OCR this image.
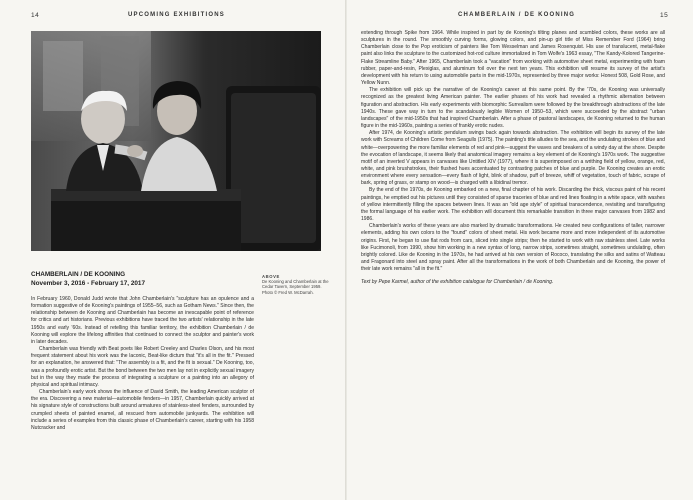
14	UPCOMING EXHIBITIONS
CHAMBERLAIN / DE KOONING
November 3, 2016 - February 17, 2017
ABOVE
De Kooning and Chamberlain at the Cedar Tavern, September 1959. Photo © Fred W. McDarrah.

In February 1960, Donald Judd wrote that John Chamberlain's "sculpture has an opulence and a formation suggestive of de Kooning's paintings of 1955–56, such as Gotham News." Since then, the relationship between de Kooning and Chamberlain has become an inescapable point of reference for critics and art historians. Previous exhibitions have traced the two artists' relationship in the late 1950s and early '60s. Instead of retelling this familiar territory, the exhibition Chamberlain / de Kooning will explore the lifelong affinities that continued to connect the sculptor and painter's work in later decades.

Chamberlain was friendly with Beat poets like Robert Creeley and Charles Olson, and his most frequent statement about his work was the laconic, Beat-like dictum that "it's all in the fit." Pressed for an explanation, he answered that: "The assembly is a fit, and the fit is sexual." De Kooning, too, was a profoundly erotic artist. But the bond between the two men lay not in explicitly sexual imagery but in the way they made the process of integrating a sculpture or a painting into an allegory of physical and spiritual intimacy.

Chamberlain's early work shows the influence of David Smith, the leading American sculptor of the era. Discovering a new material—automobile fenders—in 1957, Chamberlain quickly arrived at his signature style of constructions built around armatures of stainless-steel fenders, surrounded by crumpled sheets of painted enamel, all rescued from automobile junkyards. The exhibition will include a series of examples from this classic phase of Chamberlain's career, starting with his 1958 Nutcracker and

CHAMBERLAIN / DE KOONING	15

extending through Spike from 1964. While inspired in part by de Kooning's tilting planes and scumbled colors, these works are all sculptures in the round. The smoothly curving forms, glowing colors, and pin-up girl title of Miss Remember Ford (1964) bring Chamberlain close to the Pop eroticism of painters like Tom Wesselman and James Rosenquist. His use of translucent, metal-flake paint also links the sculpture to the customized hot-rod culture immortalized in Tom Wolfe's 1963 essay, "The Kandy-Kolored Tangerine-Flake Streamline Baby." After 1965, Chamberlain took a "vacation" from working with automotive sheet metal, experimenting with foam rubber, paper-and-resin, Plexiglas, and aluminum foil over the next ten years. This exhibition will resume its survey of the artist's development with his return to using automobile parts in the mid-1970s, represented by three major works: Honest 508, Gold Rose, and Yellow Nunn.

The exhibition will pick up the narrative of de Kooning's career at this same point. By the '70s, de Kooning was universally recognized as the greatest living American painter. The earlier phases of his work had revealed a rhythmic alternation between figuration and abstraction. His early experiments with biomorphic Surrealism were followed by the breakthrough abstractions of the late 1940s. These gave way in turn to the scandalously legible Women of 1950–53, which were succeeded by the abstract "urban landscapes" of the mid-1950s that had inspired Chamberlain. After a phase of pastoral landscapes, de Kooning returned to the human figure in the mid-1960s, painting a series of frankly erotic nudes.

After 1974, de Kooning's artistic pendulum swings back again towards abstraction. The exhibition will begin its survey of the late work with Screams of Children Come from Seagulls (1975). The painting's title alludes to the sea, and the undulating strokes of blue and white—overpowering the more familiar elements of red and pink—suggest the waves and breakers of a windy day at the shore. Despite the evocation of landscape, it seems likely that anatomical imagery remains a key element of de Kooning's 1970s work. The suggestive motif of an inverted V appears in canvases like Untitled XIV (1977), where it is superimposed on a writhing field of yellow, orange, red, white, and pink brushstrokes, their flushed hues accentuated by contrasting patches of blue and purple. De Kooning creates an erotic environment where every sensation—every flash of light, blink of shadow, puff of breeze, whiff of vegetation, touch of fabric, scrape of bark, spring of grass, or stamp on wood—is charged with a libidinal tremor.

By the end of the 1970s, de Kooning embarked on a new, final chapter of his work. Discarding the thick, viscous paint of his recent paintings, he emptied out his pictures until they consisted of sparse traceries of blue and red lines floating in a white space, with washes of yellow intermittently filling the spaces between lines. It was an "old age style" of spiritual transcendence, revisiting and transfiguring the formal language of his earlier work. The exhibition will document this remarkable transition in three major canvases from 1982 and 1986.

Chamberlain's works of these years are also marked by dramatic transformations. He created new configurations of taller, narrower elements, adding his own colors to the "found" colors of sheet metal. His work became more and more independent of its automotive origins. First, he began to use flat rods from cars, sliced into single strips; then he started to work with raw stainless steel. Late works like Fucimonoli, from 1990, show him working in a new syntax of long, narrow strips, sometimes straight, sometimes undulating, often brightly colored. Like de Kooning in the 1970s, he had arrived at his own version of Rococo, translating the silks and satins of Watteau and Fragonard into steel and spray paint. After all the transformations in the work of both Chamberlain and de Kooning, the power of their late work remains "all in the fit."

Text by Pepe Karmel, author of the exhibition catalogue for Chamberlain / de Kooning.
